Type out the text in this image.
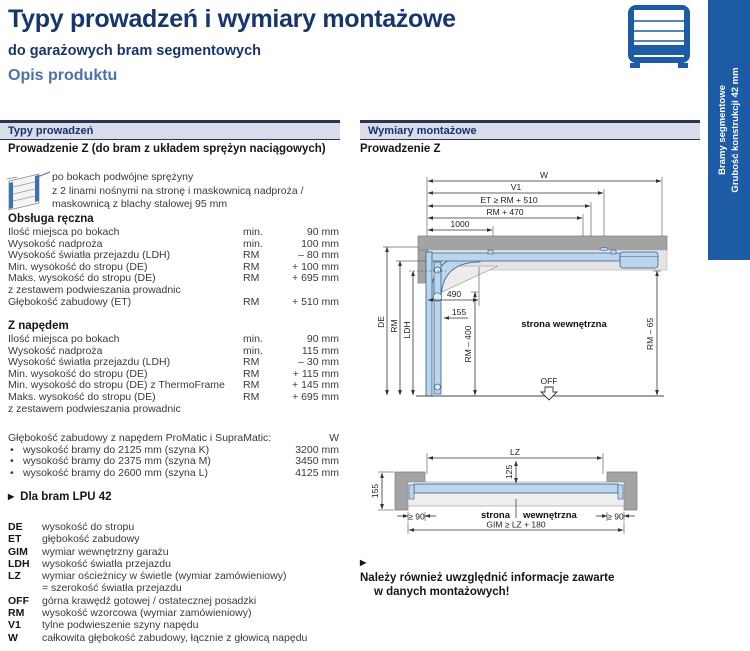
Typy prowadzeń i wymiary montażowe
do garażowych bram segmentowych
Opis produktu
Bramy segmentowe Grubość konstrukcji 42 mm
Typy prowadzeń
Prowadzenie Z (do bram z układem sprężyn naciągowych)
po bokach podwójne sprężyny
z 2 linami nośnymi na stronę i maskownicą nadproża /
maskownicą z blachy stalowej 95 mm
Obsługa ręczna
Ilość miejsca po bokach	min.	90 mm
Wysokość nadproża	min.	100 mm
Wysokość światła przejazdu (LDH)	RM	– 80 mm
Min. wysokość do stropu (DE)	RM	+ 100 mm
Maks. wysokość do stropu (DE)	RM	+ 695 mm
z zestawem podwieszania prowadnic
Głębokość zabudowy (ET)	RM	+ 510 mm
Z napędem
Ilość miejsca po bokach	min.	90 mm
Wysokość nadproża	min.	115 mm
Wysokość światła przejazdu (LDH)	RM	– 30 mm
Min. wysokość do stropu (DE)	RM	+ 115 mm
Min. wysokość do stropu (DE) z ThermoFrame	RM	+ 145 mm
Maks. wysokość do stropu (DE)	RM	+ 695 mm
z zestawem podwieszania prowadnic
Głębokość zabudowy z napędem ProMatic i SupraMatic:	W
• wysokość bramy do 2125 mm (szyna K)	3200 mm
• wysokość bramy do 2375 mm (szyna M)	3450 mm
• wysokość bramy do 2600 mm (szyna L)	4125 mm
▶ Dla bram LPU 42
DE	wysokość do stropu
ET	głębokość zabudowy
GIM	wymiar wewnętrzny garażu
LDH	wysokość światła przejazdu
LZ	wymiar ościeżnicy w świetle (wymiar zamówieniowy)
= szerokość światła przejazdu
OFF	górna krawędź gotowej / ostatecznej posadzki
RM	wysokość wzorcowa (wymiar zamówieniowy)
V1	tylne podwieszenie szyny napędu
W	całkowita głębokość zabudowy, łącznie z głowicą napędu
Wymiary montażowe
Prowadzenie Z
W
V1
ET ≥ RM + 510
RM + 470
1000
490
155
RM – 400	RM – 65
DE RM LDH	strona wewnętrzna
OFF
LZ
155
125
strona wewnętrzna
≥ 90	≥ 90
GIM ≥ LZ + 180
▶ Należy również uwzględnić informacje zawarte
w danych montażowych!
